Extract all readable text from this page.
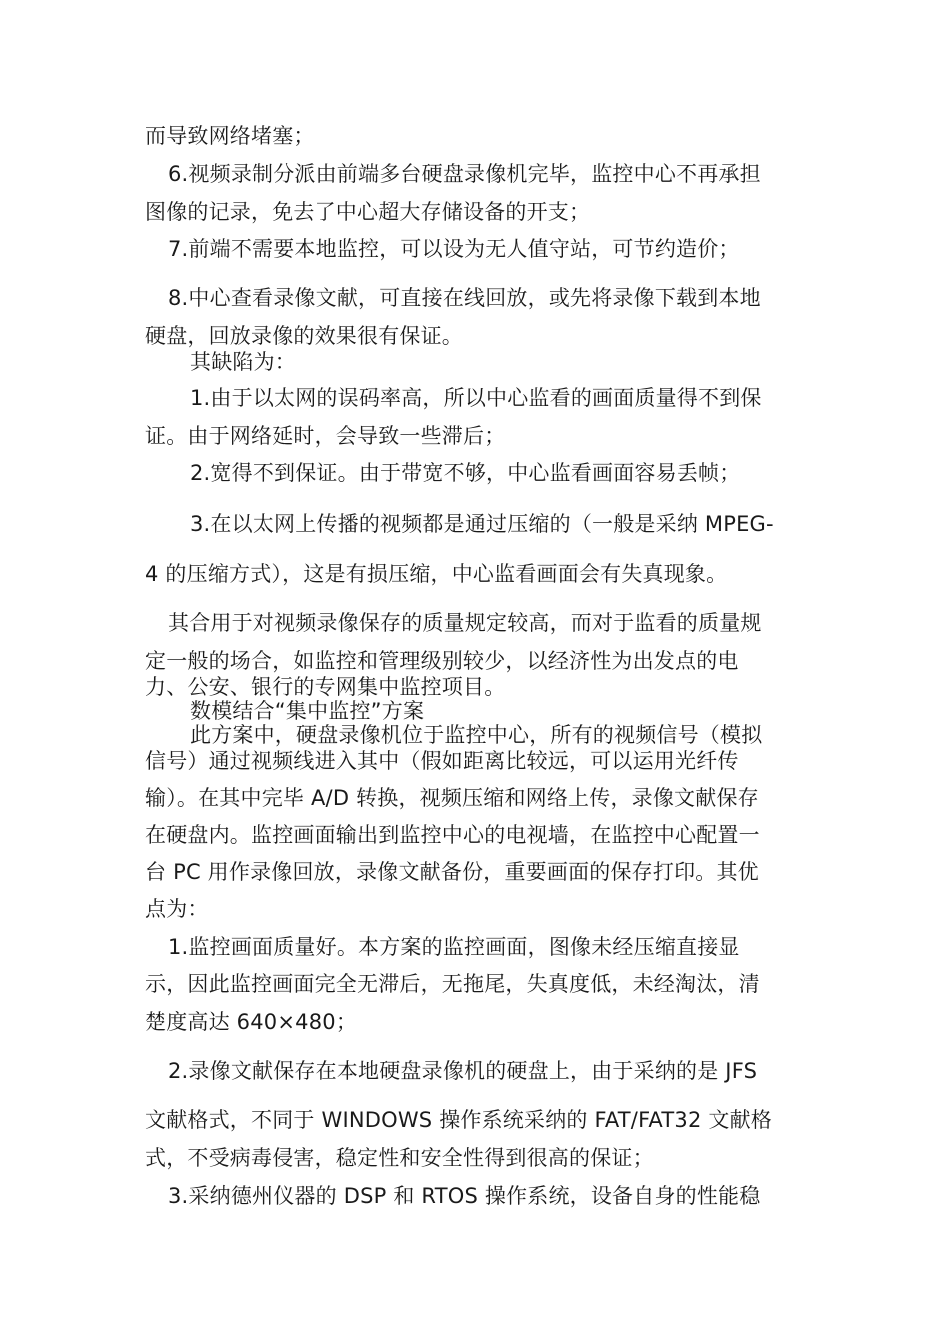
而导致网络堵塞；
6.视频录制分派由前端多台硬盘录像机完毕，监控中心不再承担
图像的记录，免去了中心超大存储设备的开支；
7.前端不需要本地监控，可以设为无人值守站，可节约造价；
8.中心查看录像文献，可直接在线回放，或先将录像下载到本地
硬盘，回放录像的效果很有保证。
其缺陷为：
1.由于以太网的误码率高，所以中心监看的画面质量得不到保
证。由于网络延时，会导致一些滞后；
2.宽得不到保证。由于带宽不够，中心监看画面容易丢帧；
3.在以太网上传播的视频都是通过压缩的（一般是采纳 MPEG-
4 的压缩方式），这是有损压缩，中心监看画面会有失真现象。
其合用于对视频录像保存的质量规定较高，而对于监看的质量规
定一般的场合，如监控和管理级别较少，以经济性为出发点的电
力、公安、银行的专网集中监控项目。
数模结合“集中监控”方案
此方案中，硬盘录像机位于监控中心，所有的视频信号（模拟
信号）通过视频线进入其中（假如距离比较远，可以运用光纤传
输）。在其中完毕 A/D 转换，视频压缩和网络上传，录像文献保存
在硬盘内。监控画面输出到监控中心的电视墙，在监控中心配置一
台 PC 用作录像回放，录像文献备份，重要画面的保存打印。其优
点为：
1.监控画面质量好。本方案的监控画面，图像未经压缩直接显
示，因此监控画面完全无滞后，无拖尾，失真度低，未经淘汰，清
楚度高达 640×480；
2.录像文献保存在本地硬盘录像机的硬盘上，由于采纳的是 JFS
文献格式，不同于 WINDOWS 操作系统采纳的 FAT/FAT32 文献格
式，不受病毒侵害，稳定性和安全性得到很高的保证；
3.采纳德州仪器的 DSP 和 RTOS 操作系统，设备自身的性能稳
